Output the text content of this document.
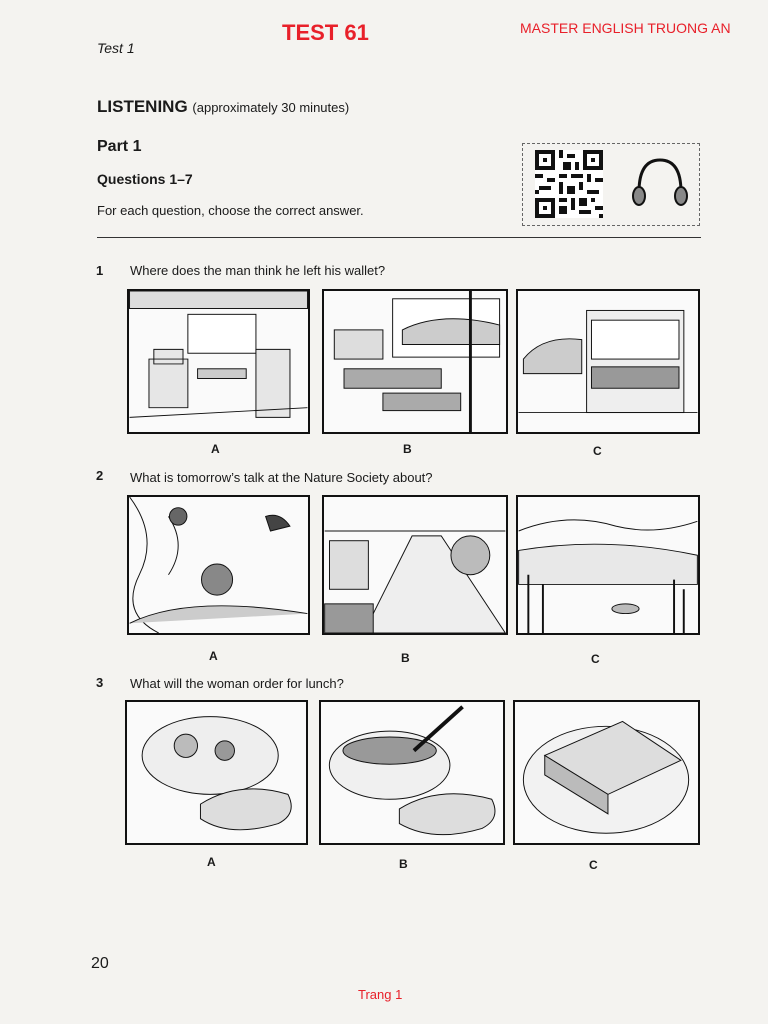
TEST 61	MASTER ENGLISH TRUONG AN
Test 1
LISTENING (approximately 30 minutes)
Part 1
Questions 1–7
For each question, choose the correct answer.
1 Where does the man think he left his wallet?
A	B	C
2 What is tomorrow’s talk at the Nature Society about?
A	B	C
3 What will the woman order for lunch?
A	B	C
20
Trang 1
